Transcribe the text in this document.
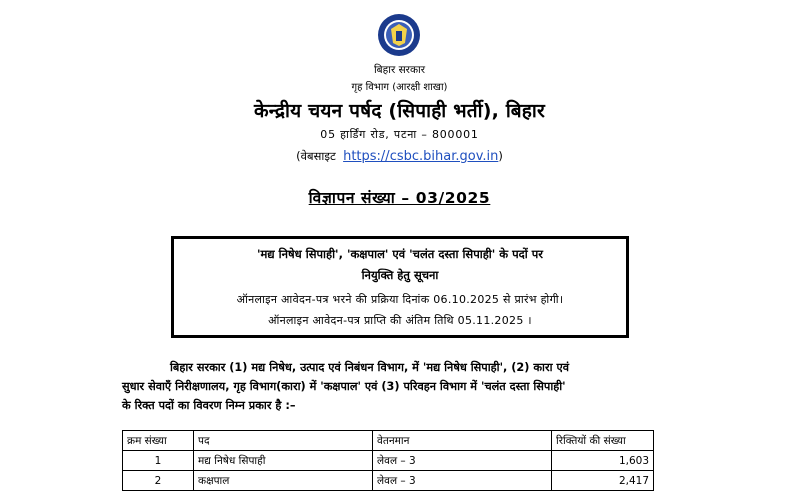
बिहार सरकार
गृह विभाग (आरक्षी शाखा)
केन्द्रीय चयन पर्षद (सिपाही भर्ती), बिहार
05 हार्डिंग रोड, पटना – 800001
(वेबसाइट https://csbc.bihar.gov.in)
विज्ञापन संख्या – 03/2025
'मद्य निषेध सिपाही', 'कक्षपाल' एवं 'चलंत दस्ता सिपाही' के पदों पर
नियुक्ति हेतु सूचना
ऑनलाइन आवेदन-पत्र भरने की प्रक्रिया दिनांक 06.10.2025 से प्रारंभ होगी।
ऑनलाइन आवेदन-पत्र प्राप्ति की अंतिम तिथि 05.11.2025 ।
बिहार सरकार (1) मद्य निषेध, उत्पाद एवं निबंधन विभाग, में 'मद्य निषेध सिपाही', (2) कारा एवं
सुधार सेवाएँ निरीक्षणालय, गृह विभाग(कारा) में 'कक्षपाल' एवं (3) परिवहन विभाग में 'चलंत दस्ता सिपाही'
के रिक्त पदों का विवरण निम्न प्रकार है :–
क्रम संख्या	पद	वेतनमान	रिक्तियों की संख्या
1	मद्य निषेध सिपाही	लेवल – 3	1,603
2	कक्षपाल	लेवल – 3	2,417
